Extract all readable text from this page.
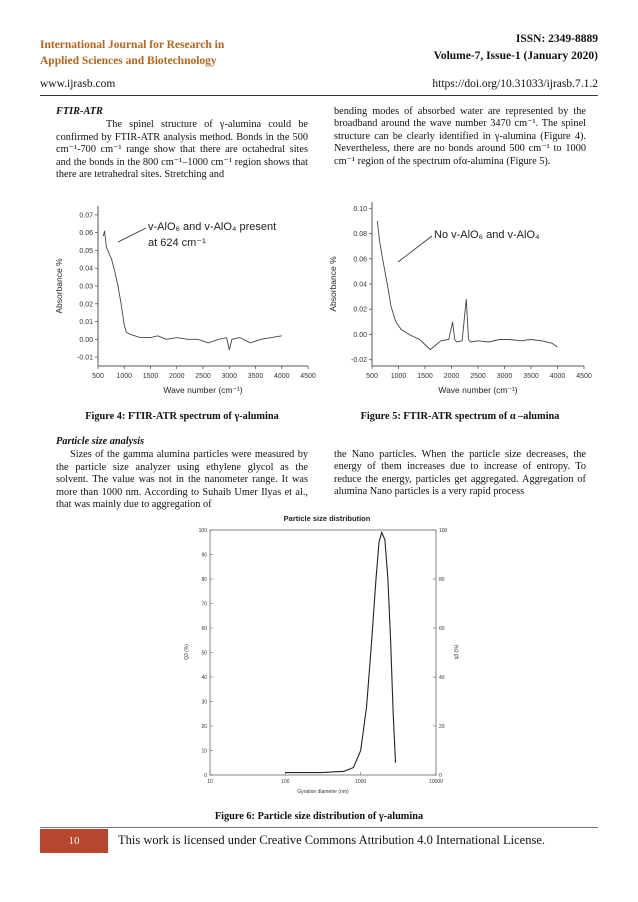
International Journal for Research in
Applied Sciences and Biotechnology
ISSN: 2349-8889
Volume-7, Issue-1 (January 2020)
www.ijrasb.com	https://doi.org/10.31033/ijrasb.7.1.2
FTIR-ATR

The spinel structure of γ-alumina could be confirmed by FTIR-ATR analysis method. Bonds in the 500 cm⁻¹-700 cm⁻¹ range show that there are octahedral sites and the bonds in the 800 cm⁻¹–1000 cm⁻¹ region shows that there are tetrahedral sites. Stretching and

bending modes of absorbed water are represented by the broadband around the wave number 3470 cm⁻¹. The spinel structure can be clearly identified in γ-alumina (Figure 4). Nevertheless, there are no bonds around 500 cm⁻¹ to 1000 cm⁻¹ region of the spectrum ofα-alumina (Figure 5).

-0.01
0.00
0.01
0.02
0.03
0.04
0.05
0.06
0.07
500 1000 1500 2000 2500 3000 3500 4000 4500
v-AlO₆ and v-AlO₄ present
at 624 cm⁻¹
Wave number (cm⁻¹)
Absorbance %
-0.02
0.00
0.02
0.04
0.06
0.08
0.10
500 1000 1500 2000 2500 3000 3500 4000 4500
No v-AlO₆ and v-AlO₄
Wave number (cm⁻¹)
Absorbance %
Figure 4: FTIR-ATR spectrum of γ-alumina	Figure 5: FTIR-ATR spectrum of α –alumina
Particle size analysis

Sizes of the gamma alumina particles were measured by the particle size analyzer using ethylene glycol as the solvent. The value was not in the nanometer range. It was more than 1000 nm. According to Suhaib Umer Ilyas et al., that was mainly due to aggregation of

the Nano particles. When the particle size decreases, the energy of them increases due to increase of entropy. To reduce the energy, particles get aggregated. Aggregation of alumina Nano particles is a very rapid process

Particle size distribution
0
10
20
30
40
50
60
70
80
90
100
0
20
40
60
80
100
10	100	1000	10000
Gyration diameter (nm)
Q3 (%)	q3 (%)
Figure 6: Particle size distribution of γ-alumina
10	This work is licensed under Creative Commons Attribution 4.0 International License.
